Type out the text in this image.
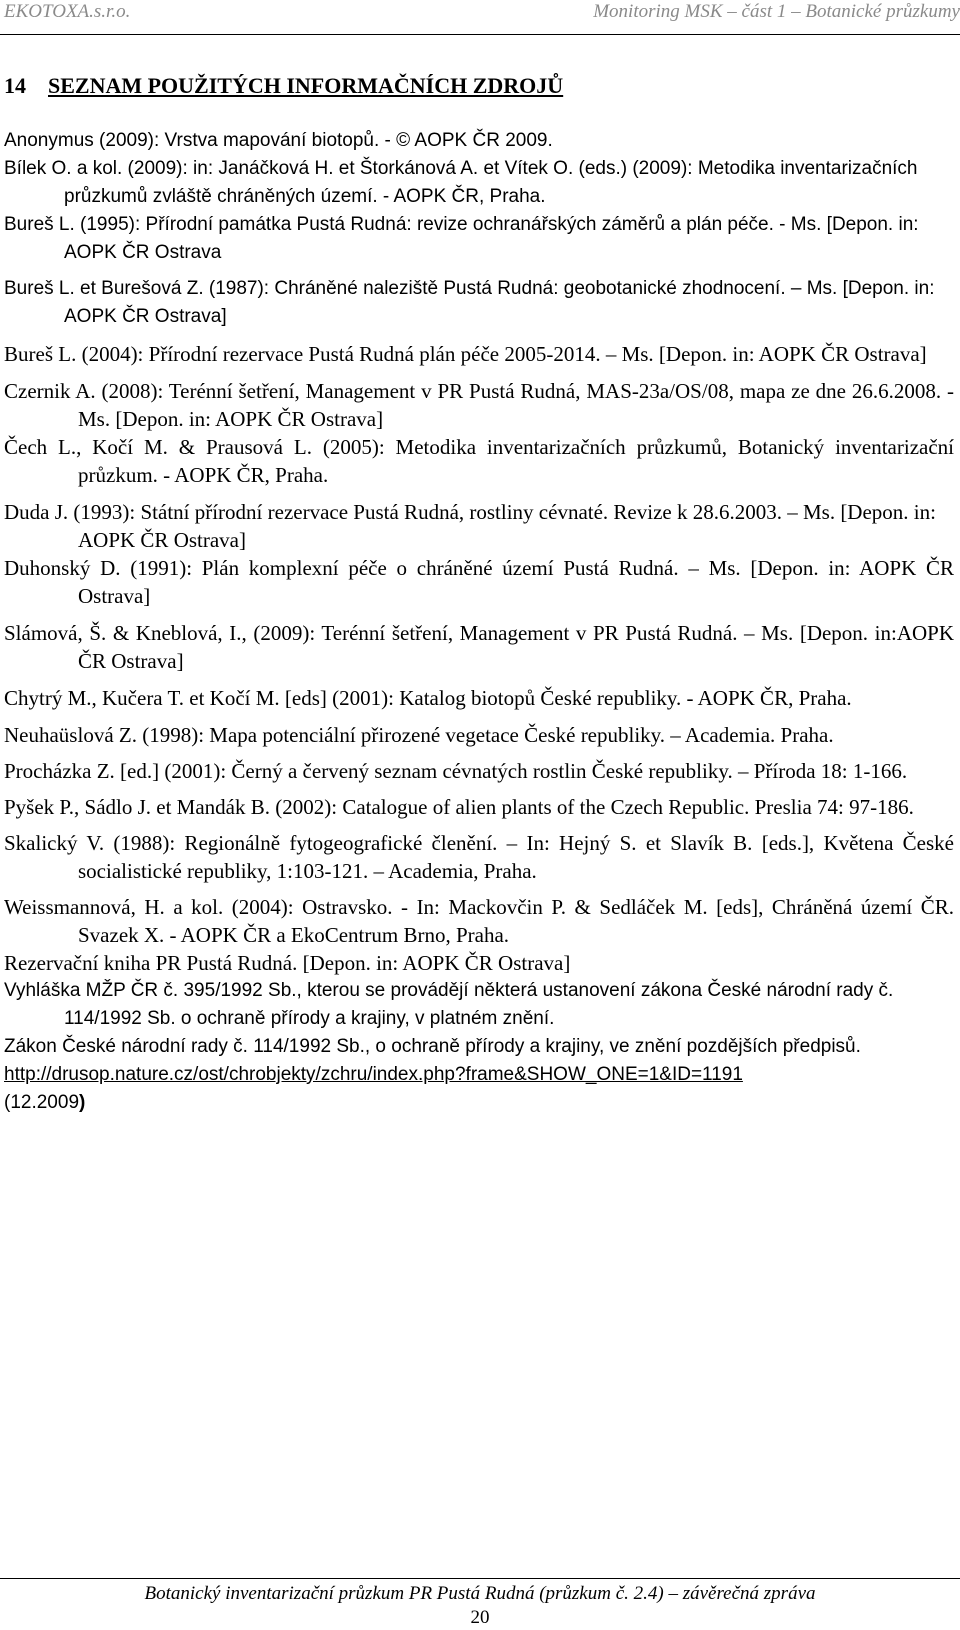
EKOTOXA.s.r.o.	Monitoring MSK – část 1 – Botanické průzkumy
14 SEZNAM POUŽITÝCH INFORMAČNÍCH ZDROJŮ

Anonymus (2009): Vrstva mapování biotopů. - © AOPK ČR 2009.

Bílek O. a kol. (2009): in: Janáčková H. et Štorkánová A. et Vítek O. (eds.) (2009): Metodika inventarizačních průzkumů zvláště chráněných území. - AOPK ČR, Praha.

Bureš L. (1995): Přírodní památka Pustá Rudná: revize ochranářských záměrů a plán péče. - Ms. [Depon. in: AOPK ČR Ostrava

Bureš L. et Burešová Z. (1987): Chráněné naleziště Pustá Rudná: geobotanické zhodnocení. – Ms. [Depon. in: AOPK ČR Ostrava]

Bureš L. (2004): Přírodní rezervace Pustá Rudná plán péče 2005-2014. – Ms. [Depon. in: AOPK ČR Ostrava]

Czernik A. (2008): Terénní šetření, Management v PR Pustá Rudná, MAS-23a/OS/08, mapa ze dne 26.6.2008. - Ms. [Depon. in: AOPK ČR Ostrava]

Čech L., Kočí M. & Prausová L. (2005): Metodika inventarizačních průzkumů, Botanický inventarizační průzkum. - AOPK ČR, Praha.

Duda J. (1993): Státní přírodní rezervace Pustá Rudná, rostliny cévnaté. Revize k 28.6.2003. – Ms. [Depon. in: AOPK ČR Ostrava]

Duhonský D. (1991): Plán komplexní péče o chráněné území Pustá Rudná. – Ms. [Depon. in: AOPK ČR Ostrava]

Slámová, Š. & Kneblová, I., (2009): Terénní šetření, Management v PR Pustá Rudná. – Ms. [Depon. in:AOPK ČR Ostrava]

Chytrý M., Kučera T. et Kočí M. [eds] (2001): Katalog biotopů České republiky. - AOPK ČR, Praha.

Neuhaüslová Z. (1998): Mapa potenciální přirozené vegetace České republiky. – Academia. Praha.

Procházka Z. [ed.] (2001): Černý a červený seznam cévnatých rostlin České republiky. – Příroda 18: 1-166.

Pyšek P., Sádlo J. et Mandák B. (2002): Catalogue of alien plants of the Czech Republic. Preslia 74: 97-186.

Skalický V. (1988): Regionálně fytogeografické členění. – In: Hejný S. et Slavík B. [eds.], Květena České socialistické republiky, 1:103-121. – Academia, Praha.

Weissmannová, H. a kol. (2004): Ostravsko. - In: Mackovčin P. & Sedláček M. [eds], Chráněná území ČR. Svazek X. - AOPK ČR a EkoCentrum Brno, Praha.

Rezervační kniha PR Pustá Rudná. [Depon. in: AOPK ČR Ostrava]

Vyhláška MŽP ČR č. 395/1992 Sb., kterou se provádějí některá ustanovení zákona České národní rady č. 114/1992 Sb. o ochraně přírody a krajiny, v platném znění.

Zákon České národní rady č. 114/1992 Sb., o ochraně přírody a krajiny, ve znění pozdějších předpisů.

http://drusop.nature.cz/ost/chrobjekty/zchru/index.php?frame&SHOW_ONE=1&ID=1191

(12.2009)

Botanický inventarizační průzkum PR Pustá Rudná (průzkum č. 2.4) – závěrečná zpráva
20
